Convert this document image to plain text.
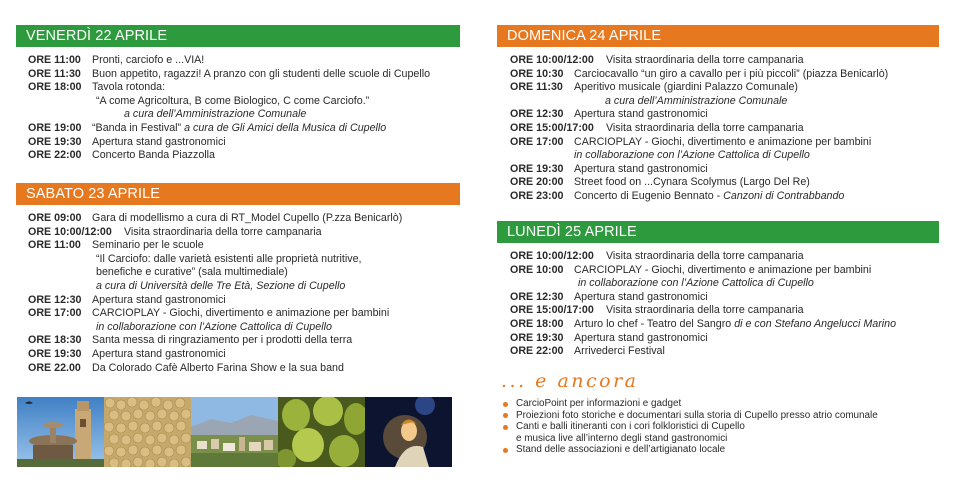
VENERDÌ 22 APRILE
ORE 11:00	Pronti, carciofo e ...VIA!
ORE 11:30	Buon appetito, ragazzi! A pranzo con gli studenti delle scuole di Cupello
ORE 18:00 Tavola rotonda:
“A come Agricoltura, B come Biologico, C come Carciofo.”
a cura dell’Amministrazione Comunale
ORE 19:00 “Banda in Festival” a cura de Gli Amici della Musica di Cupello
ORE 19:30 Apertura stand gastronomici
ORE 22:00 Concerto Banda Piazzolla
SABATO 23 APRILE
ORE 09:00 Gara di modellismo a cura di RT_Model Cupello (P.zza Benicarlò)
ORE 10:00/12:00	Visita straordinaria della torre campanaria
ORE 11:00	Seminario per le scuole
“Il Carciofo: dalle varietà esistenti alle proprietà nutritive,
benefiche e curative” (sala multimediale)
a cura di Università delle Tre Età, Sezione di Cupello
ORE 12:30 Apertura stand gastronomici
ORE 17:00 CARCIOPLAY - Giochi, divertimento e animazione per bambini
in collaborazione con l’Azione Cattolica di Cupello
ORE 18:30 Santa messa di ringraziamento per i prodotti della terra
ORE 19:30 Apertura stand gastronomici
ORE 22.00	Da Colorado Cafè Alberto Farina Show e la sua band
DOMENICA 24 APRILE
ORE 10:00/12:00	Visita straordinaria della torre campanaria
ORE 10:30 Carciocavallo “un giro a cavallo per i più piccoli” (piazza Benicarlò)
ORE 11:30	Aperitivo musicale (giardini Palazzo Comunale)
a cura dell’Amministrazione Comunale
ORE 12:30 Apertura stand gastronomici
ORE 15:00/17:00	Visita straordinaria della torre campanaria
ORE 17:00 CARCIOPLAY - Giochi, divertimento e animazione per bambini
in collaborazione con l’Azione Cattolica di Cupello
ORE 19:30 Apertura stand gastronomici
ORE 20:00 Street food on ...Cynara Scolymus (Largo Del Re)
ORE 23:00 Concerto di Eugenio Bennato - Canzoni di Contrabbando
LUNEDÌ 25 APRILE
ORE 10:00/12:00	Visita straordinaria della torre campanaria
ORE 10:00 CARCIOPLAY - Giochi, divertimento e animazione per bambini
in collaborazione con l’Azione Cattolica di Cupello
ORE 12:30 Apertura stand gastronomici
ORE 15:00/17:00	Visita straordinaria della torre campanaria
ORE 18:00 Arturo lo chef - Teatro del Sangro di e con Stefano Angelucci Marino
ORE 19:30 Apertura stand gastronomici
ORE 22:00 Arrivederci Festival
... e ancora
CarcioPoint per informazioni e gadget
Proiezioni foto storiche e documentari sulla storia di Cupello presso atrio comunale
Canti e balli itineranti con i cori folkloristici di Cupello
e musica live all’interno degli stand gastronomici
Stand delle associazioni e dell’artigianato locale
